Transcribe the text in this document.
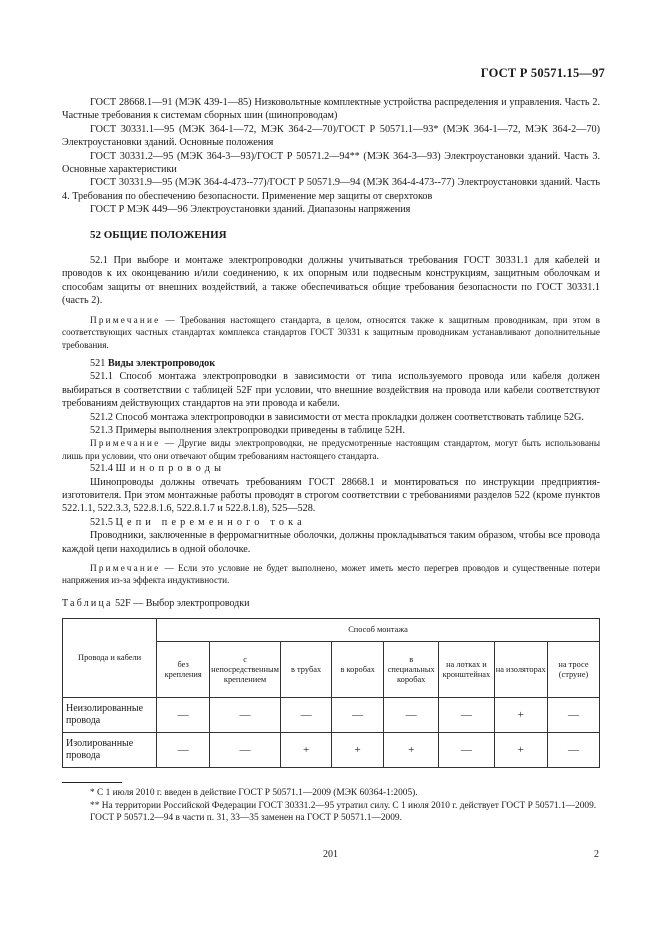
ГОСТ Р 50571.15—97

ГОСТ 28668.1—91 (МЭК 439-1—85) Низковольтные комплектные устройства распределения и управления. Часть 2. Частные требования к системам сборных шин (шинопроводам)

ГОСТ 30331.1—95 (МЭК 364-1—72, МЭК 364-2—70)/ГОСТ Р 50571.1—93* (МЭК 364-1—72, МЭК 364-2—70) Электроустановки зданий. Основные положения

ГОСТ 30331.2—95 (МЭК 364-3—93)/ГОСТ Р 50571.2—94** (МЭК 364-3—93) Электроустановки зданий. Часть 3. Основные характеристики

ГОСТ 30331.9—95 (МЭК 364-4-473--77)/ГОСТ Р 50571.9—94 (МЭК 364-4-473--77) Электроустановки зданий. Часть 4. Требования по обеспечению безопасности. Применение мер защиты от сверхтоков

ГОСТ Р МЭК 449—96 Электроустановки зданий. Диапазоны напряжения

52 ОБЩИЕ ПОЛОЖЕНИЯ

52.1 При выборе и монтаже электропроводки должны учитываться требования ГОСТ 30331.1 для кабелей и проводов к их оконцеванию и/или соединению, к их опорным или подвесным конструкциям, защитным оболочкам и способам защиты от внешних воздействий, а также обеспечиваться общие требования безопасности по ГОСТ 30331.1 (часть 2).

Примечание — Требования настоящего стандарта, в целом, относятся также к защитным проводникам, при этом в соответствующих частных стандартах комплекса стандартов ГОСТ 30331 к защитным проводникам устанавливают дополнительные требования.

521 Виды электропроводок

521.1 Способ монтажа электропроводки в зависимости от типа используемого провода или кабеля должен выбираться в соответствии с таблицей 52F при условии, что внешние воздействия на провода или кабели соответствуют требованиям действующих стандартов на эти провода и кабели.

521.2 Способ монтажа электропроводки в зависимости от места прокладки должен соответствовать таблице 52G.

521.3 Примеры выполнения электропроводки приведены в таблице 52H.

Примечание — Другие виды электропроводки, не предусмотренные настоящим стандартом, могут быть использованы лишь при условии, что они отвечают общим требованиям настоящего стандарта.

521.4 Шинопроводы

Шинопроводы должны отвечать требованиям ГОСТ 28668.1 и монтироваться по инструкции предприятия-изготовителя. При этом монтажные работы проводят в строгом соответствии с требованиями разделов 522 (кроме пунктов 522.1.1, 522.3.3, 522.8.1.6, 522.8.1.7 и 522.8.1.8), 525—528.

521.5 Цепи переменного тока

Проводники, заключенные в ферромагнитные оболочки, должны прокладываться таким образом, чтобы все провода каждой цепи находились в одной оболочке.

Примечание — Если это условие не будет выполнено, может иметь место перегрев проводов и существенные потери напряжения из-за эффекта индуктивности.

Таблица 52F — Выбор электропроводки

Провода и кабели	Способ монтажа							
	без крепления	с непосредственным креплением	в трубах	в коробах	в специальных коробах	на лотках и кронштейнах	на изоляторах	на тросе (струне)
Неизолированные провода	—	—	—	—	—	—	+	—
Изолированные провода	—	—	+	+	+	—	+	—

* С 1 июля 2010 г. введен в действие ГОСТ Р 50571.1—2009 (МЭК 60364-1:2005).

** На территории Российской Федерации ГОСТ 30331.2—95 утратил силу. С 1 июля 2010 г. действует ГОСТ Р 50571.1—2009.

ГОСТ Р 50571.2—94 в части п. 31, 33—35 заменен на ГОСТ Р 50571.1—2009.

201	2
